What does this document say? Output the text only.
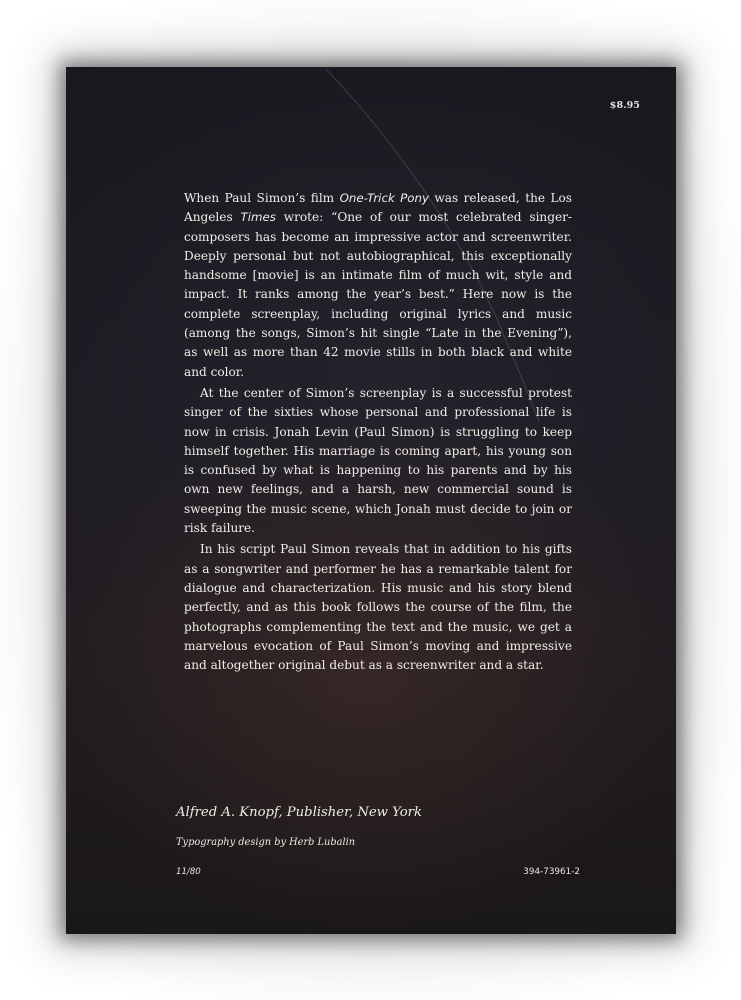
$8.95

When Paul Simon’s film One-Trick Pony was released, the Los Angeles Times wrote: “One of our most celebrated singer-composers has become an impressive actor and screenwriter. Deeply personal but not autobiographical, this exceptionally handsome [movie] is an intimate film of much wit, style and impact. It ranks among the year’s best.” Here now is the complete screenplay, including original lyrics and music (among the songs, Simon’s hit single “Late in the Evening”), as well as more than 42 movie stills in both black and white and color.

At the center of Simon’s screenplay is a successful protest singer of the sixties whose personal and professional life is now in crisis. Jonah Levin (Paul Simon) is struggling to keep himself together. His marriage is coming apart, his young son is confused by what is happening to his parents and by his own new feelings, and a harsh, new commercial sound is sweeping the music scene, which Jonah must decide to join or risk failure.

In his script Paul Simon reveals that in addition to his gifts as a songwriter and performer he has a remarkable talent for dialogue and characterization. His music and his story blend perfectly, and as this book follows the course of the film, the photographs complementing the text and the music, we get a marvelous evocation of Paul Simon’s moving and impressive and altogether original debut as a screenwriter and a star.

Alfred A. Knopf, Publisher, New York
Typography design by Herb Lubalin
11/80	394-73961-2
